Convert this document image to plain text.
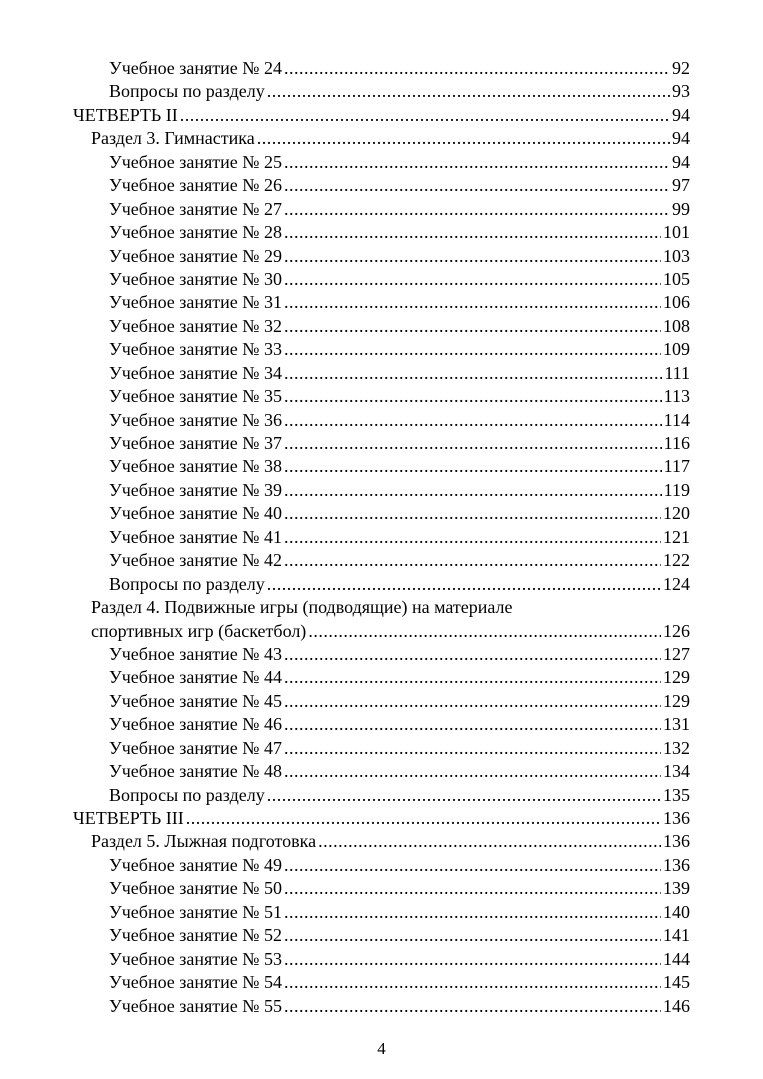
Учебное занятие № 24 .....	92
Вопросы по разделу .....	93
ЧЕТВЕРТЬ II .....	94
Раздел 3. Гимнастика .....	94
Учебное занятие № 25 .....	94
Учебное занятие № 26 .....	97
Учебное занятие № 27 .....	99
Учебное занятие № 28 .....	101
Учебное занятие № 29 .....	103
Учебное занятие № 30 .....	105
Учебное занятие № 31 .....	106
Учебное занятие № 32 .....	108
Учебное занятие № 33 .....	109
Учебное занятие № 34 .....	111
Учебное занятие № 35 .....	113
Учебное занятие № 36 .....	114
Учебное занятие № 37 .....	116
Учебное занятие № 38 .....	117
Учебное занятие № 39 .....	119
Учебное занятие № 40 .....	120
Учебное занятие № 41 .....	121
Учебное занятие № 42 .....	122
Вопросы по разделу .....	124
Раздел 4. Подвижные игры (подводящие) на материале
спортивных игр (баскетбол) .....	126
Учебное занятие № 43 .....	127
Учебное занятие № 44 .....	129
Учебное занятие № 45 .....	129
Учебное занятие № 46 .....	131
Учебное занятие № 47 .....	132
Учебное занятие № 48 .....	134
Вопросы по разделу .....	135
ЧЕТВЕРТЬ III .....	136
Раздел 5. Лыжная подготовка .....	136
Учебное занятие № 49 .....	136
Учебное занятие № 50 .....	139
Учебное занятие № 51 .....	140
Учебное занятие № 52 .....	141
Учебное занятие № 53 .....	144
Учебное занятие № 54 .....	145
Учебное занятие № 55 .....	146
4
